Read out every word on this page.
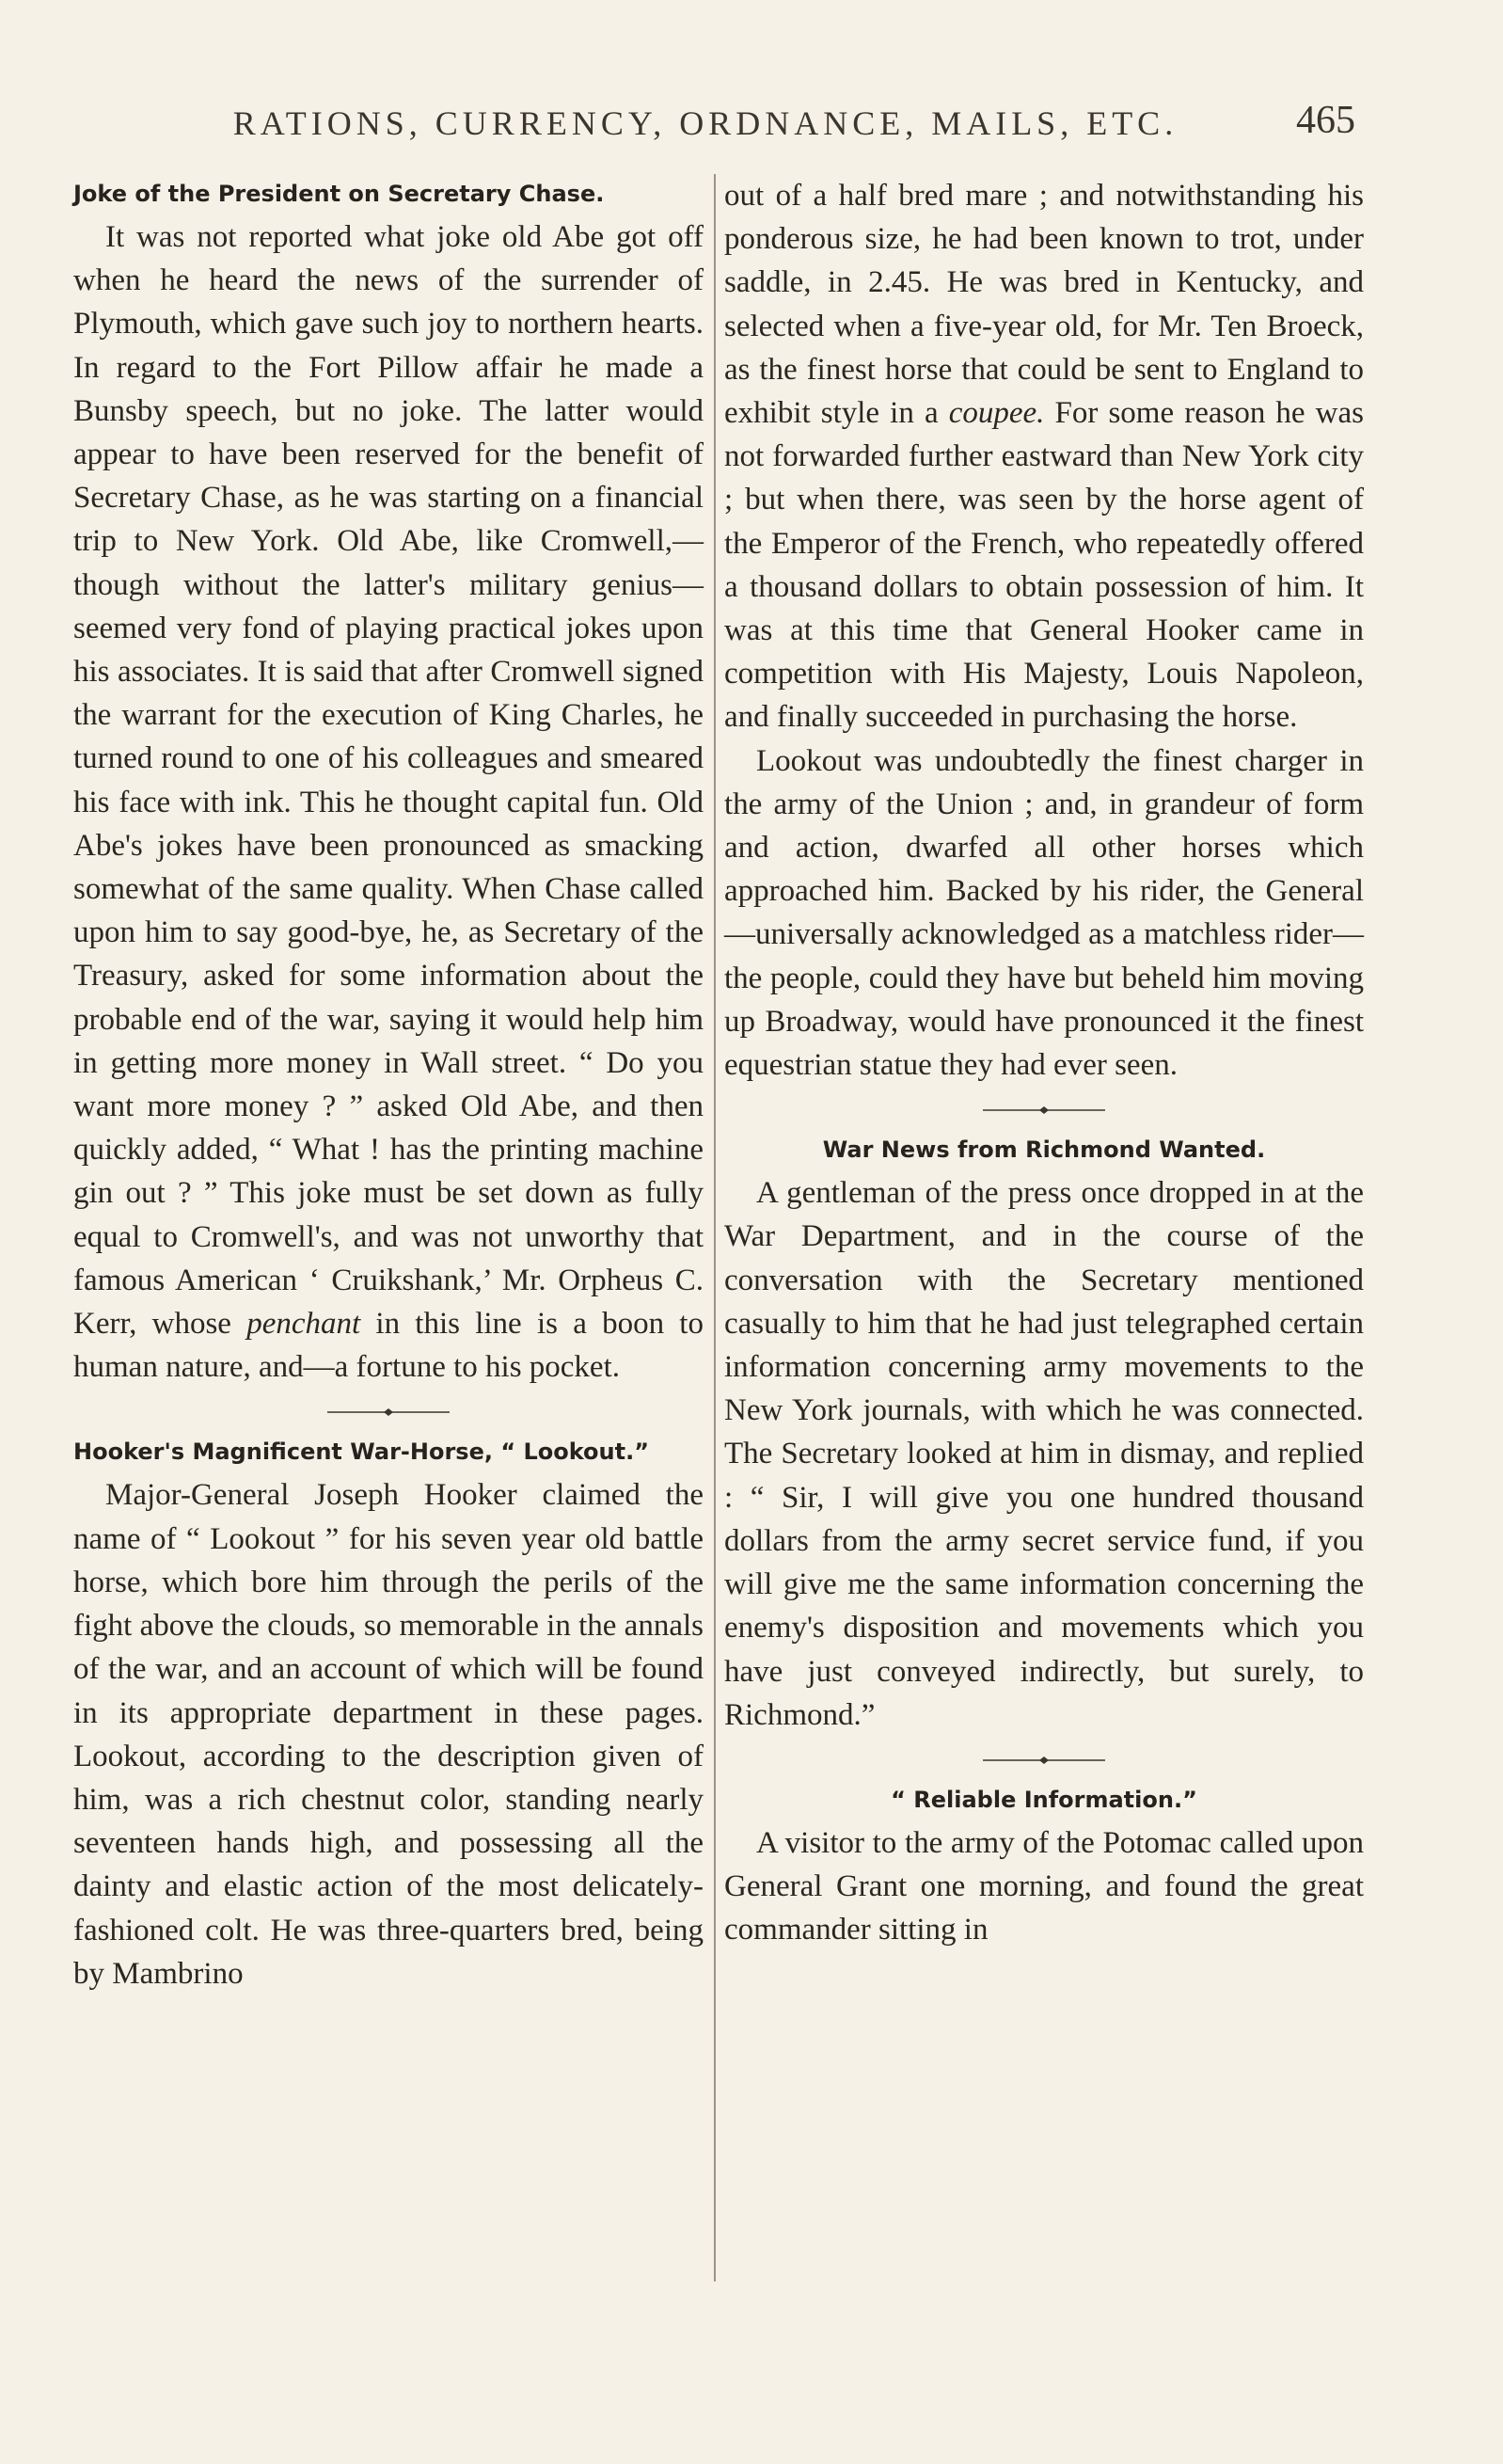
RATIONS, CURRENCY, ORDNANCE, MAILS, ETC.	465
Joke of the President on Secretary Chase.

It was not reported what joke old Abe got off when he heard the news of the surrender of Plymouth, which gave such joy to northern hearts. In regard to the Fort Pillow affair he made a Bunsby speech, but no joke. The latter would appear to have been reserved for the benefit of Secretary Chase, as he was starting on a financial trip to New York. Old Abe, like Cromwell,—though without the latter's military genius—seemed very fond of playing practical jokes upon his associates. It is said that after Cromwell signed the warrant for the execution of King Charles, he turned round to one of his colleagues and smeared his face with ink. This he thought capital fun. Old Abe's jokes have been pronounced as smacking somewhat of the same quality. When Chase called upon him to say good-bye, he, as Secretary of the Treasury, asked for some information about the probable end of the war, saying it would help him in getting more money in Wall street. “ Do you want more money ? ” asked Old Abe, and then quickly added, “ What ! has the printing machine gin out ? ” This joke must be set down as fully equal to Cromwell's, and was not unworthy that famous American ‘ Cruikshank,’ Mr. Orpheus C. Kerr, whose penchant in this line is a boon to human nature, and—a fortune to his pocket.

Hooker's Magnificent War-Horse, “ Lookout.”

Major-General Joseph Hooker claimed the name of “ Lookout ” for his seven year old battle horse, which bore him through the perils of the fight above the clouds, so memorable in the annals of the war, and an account of which will be found in its appropriate department in these pages. Lookout, according to the description given of him, was a rich chestnut color, standing nearly seventeen hands high, and possessing all the dainty and elastic action of the most delicately-fashioned colt. He was three-quarters bred, being by Mambrino

out of a half bred mare ; and notwithstanding his ponderous size, he had been known to trot, under saddle, in 2.45. He was bred in Kentucky, and selected when a five-year old, for Mr. Ten Broeck, as the finest horse that could be sent to England to exhibit style in a coupee. For some reason he was not forwarded further eastward than New York city ; but when there, was seen by the horse agent of the Emperor of the French, who repeatedly offered a thousand dollars to obtain possession of him. It was at this time that General Hooker came in competition with His Majesty, Louis Napoleon, and finally succeeded in purchasing the horse.

Lookout was undoubtedly the finest charger in the army of the Union ; and, in grandeur of form and action, dwarfed all other horses which approached him. Backed by his rider, the General—universally acknowledged as a matchless rider—the people, could they have but beheld him moving up Broadway, would have pronounced it the finest equestrian statue they had ever seen.

War News from Richmond Wanted.

A gentleman of the press once dropped in at the War Department, and in the course of the conversation with the Secretary mentioned casually to him that he had just telegraphed certain information concerning army movements to the New York journals, with which he was connected. The Secretary looked at him in dismay, and replied : “ Sir, I will give you one hundred thousand dollars from the army secret service fund, if you will give me the same information concerning the enemy's disposition and movements which you have just conveyed indirectly, but surely, to Richmond.”

“ Reliable Information.”

A visitor to the army of the Potomac called upon General Grant one morning, and found the great commander sitting in
